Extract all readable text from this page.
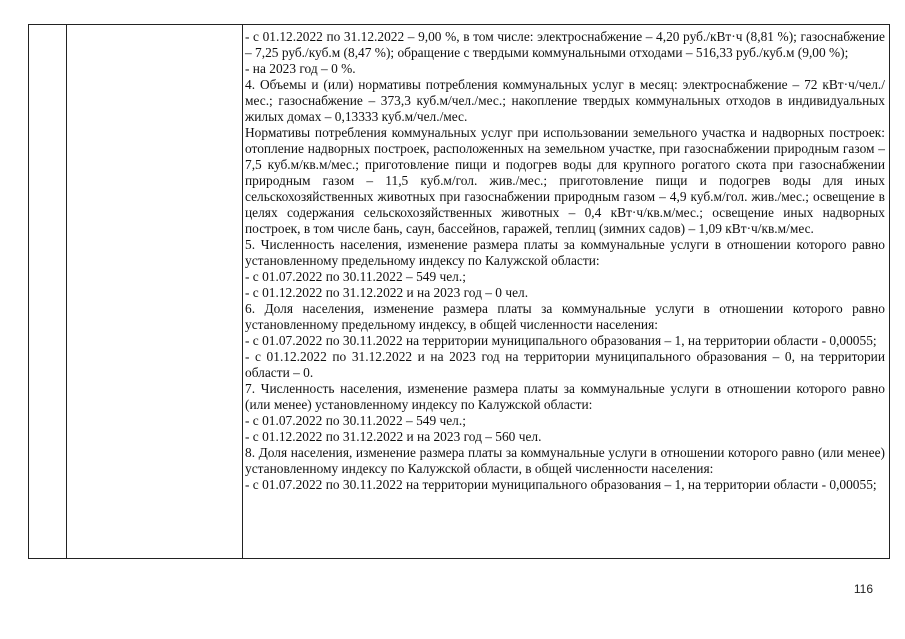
- с 01.12.2022 по 31.12.2022 – 9,00 %, в том числе: электроснабжение – 4,20 руб./кВт·ч (8,81 %); газоснабжение – 7,25 руб./куб.м (8,47 %); обращение с твердыми коммунальными отходами – 516,33 руб./куб.м (9,00 %);

- на 2023 год – 0 %.

4. Объемы и (или) нормативы потребления коммунальных услуг в месяц: электроснабжение – 72 кВт·ч/чел./мес.; газоснабжение – 373,3 куб.м/чел./мес.; накопление твердых коммунальных отходов в индивидуальных жилых домах – 0,13333 куб.м/чел./мес.

Нормативы потребления коммунальных услуг при использовании земельного участка и надворных построек: отопление надворных построек, расположенных на земельном участке, при газоснабжении природным газом – 7,5 куб.м/кв.м/мес.; приготовление пищи и подогрев воды для крупного рогатого скота при газоснабжении природным газом – 11,5 куб.м/гол. жив./мес.; приготовление пищи и подогрев воды для иных сельскохозяйственных животных при газоснабжении природным газом – 4,9 куб.м/гол. жив./мес.; освещение в целях содержания сельскохозяйственных животных – 0,4 кВт·ч/кв.м/мес.; освещение иных надворных построек, в том числе бань, саун, бассейнов, гаражей, теплиц (зимних садов) – 1,09 кВт·ч/кв.м/мес.

5. Численность населения, изменение размера платы за коммунальные услуги в отношении которого равно установленному предельному индексу по Калужской области:

- с 01.07.2022 по 30.11.2022 – 549 чел.;

- с 01.12.2022 по 31.12.2022 и на 2023 год – 0 чел.

6. Доля населения, изменение размера платы за коммунальные услуги в отношении которого равно установленному предельному индексу, в общей численности населения:

- с 01.07.2022 по 30.11.2022 на территории муниципального образования – 1, на территории области - 0,00055;

- с 01.12.2022 по 31.12.2022 и на 2023 год на территории муниципального образования – 0, на территории области – 0.

7. Численность населения, изменение размера платы за коммунальные услуги в отношении которого равно (или менее) установленному индексу по Калужской области:

- с 01.07.2022 по 30.11.2022 – 549 чел.;

- с 01.12.2022 по 31.12.2022 и на 2023 год – 560 чел.

8. Доля населения, изменение размера платы за коммунальные услуги в отношении которого равно (или менее) установленному индексу по Калужской области, в общей численности населения:

- с 01.07.2022 по 30.11.2022 на территории муниципального образования – 1, на территории области - 0,00055;

116
